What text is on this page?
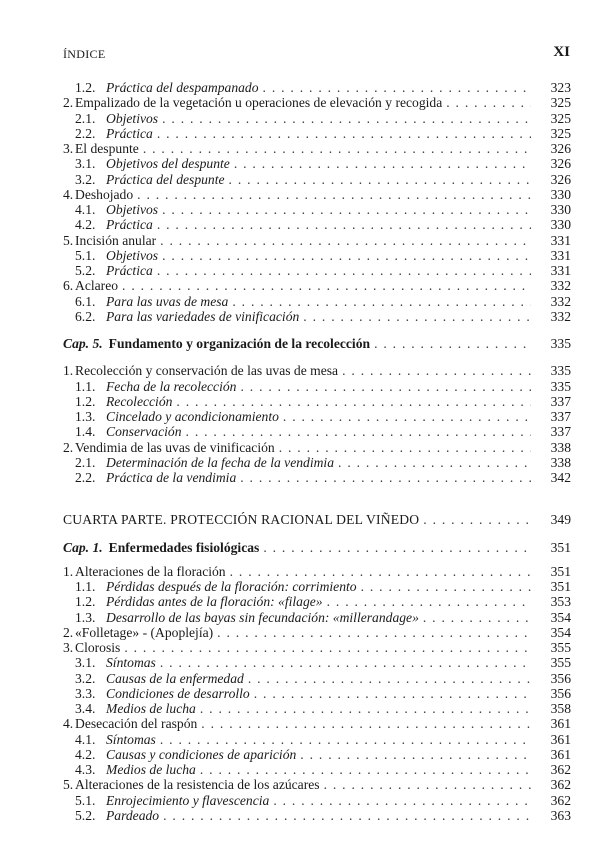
ÍNDICE	XI
1.2. Práctica del despampanado . . .	323
2. Empalizado de la vegetación u operaciones de elevación y recogida . . .	325
2.1. Objetivos . . .	325
2.2. Práctica . . .	325
3. El despunte . . .	326
3.1. Objetivos del despunte . . .	326
3.2. Práctica del despunte . . .	326
4. Deshojado . . .	330
4.1. Objetivos . . .	330
4.2. Práctica . . .	330
5. Incisión anular . . .	331
5.1. Objetivos . . .	331
5.2. Práctica . . .	331
6. Aclareo . . .	332
6.1. Para las uvas de mesa . . .	332
6.2. Para las variedades de vinificación . . .	332
Cap. 5. Fundamento y organización de la recolección . . .	335
1. Recolección y conservación de las uvas de mesa . . .	335
1.1. Fecha de la recolección . . .	335
1.2. Recolección . . .	337
1.3. Cincelado y acondicionamiento . . .	337
1.4. Conservación . . .	337
2. Vendimia de las uvas de vinificación . . .	338
2.1. Determinación de la fecha de la vendimia . . .	338
2.2. Práctica de la vendimia . . .	342
CUARTA PARTE. PROTECCIÓN RACIONAL DEL VIÑEDO . . .	349
Cap. 1. Enfermedades fisiológicas . . .	351
1. Alteraciones de la floración . . .	351
1.1. Pérdidas después de la floración: corrimiento . . .	351
1.2. Pérdidas antes de la floración: «filage» . . .	353
1.3. Desarrollo de las bayas sin fecundación: «millerandage» . . .	354
2. «Folletage» - (Apoplejía) . . .	354
3. Clorosis . . .	355
3.1. Síntomas . . .	355
3.2. Causas de la enfermedad . . .	356
3.3. Condiciones de desarrollo . . .	356
3.4. Medios de lucha . . .	358
4. Desecación del raspón . . .	361
4.1. Síntomas . . .	361
4.2. Causas y condiciones de aparición . . .	361
4.3. Medios de lucha . . .	362
5. Alteraciones de la resistencia de los azúcares . . .	362
5.1. Enrojecimiento y flavescencia . . .	362
5.2. Pardeado . . .	363
